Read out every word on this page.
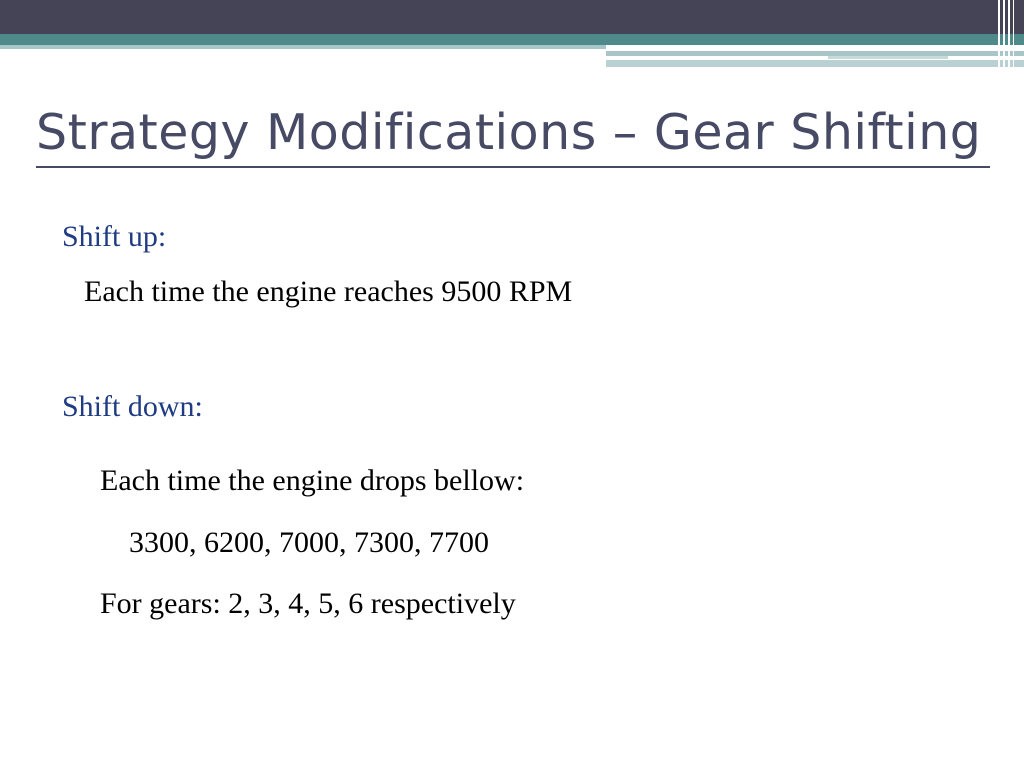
Strategy Modifications – Gear Shifting

Shift up:

Each time the engine reaches 9500 RPM

Shift down:

Each time the engine drops bellow:

3300, 6200, 7000, 7300, 7700

For gears: 2, 3, 4, 5, 6 respectively
